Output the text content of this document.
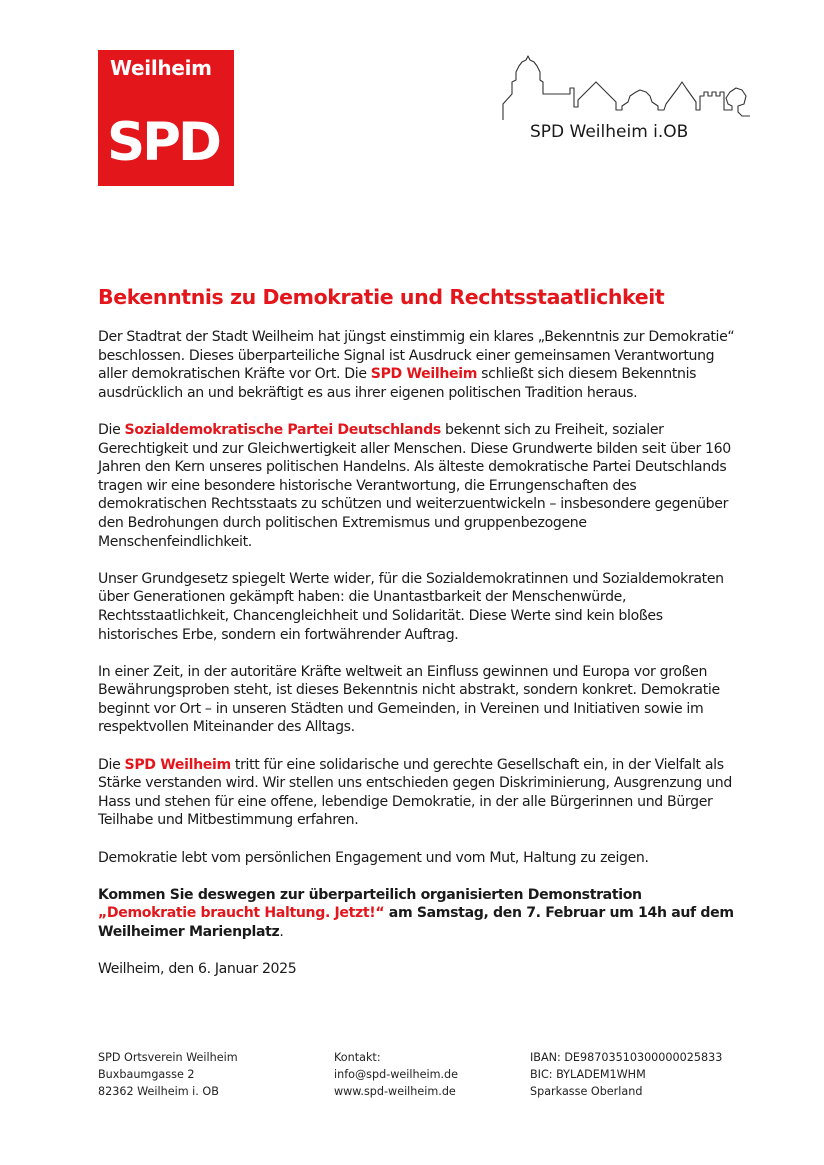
Weilheim
SPD	SPD Weilheim i.OB
Bekenntnis zu Demokratie und Rechtsstaatlichkeit

Der Stadtrat der Stadt Weilheim hat jüngst einstimmig ein klares „Bekenntnis zur Demokratie“ beschlossen. Dieses überparteiliche Signal ist Ausdruck einer gemeinsamen Verantwortung aller demokratischen Kräfte vor Ort. Die SPD Weilheim schließt sich diesem Bekenntnis ausdrücklich an und bekräftigt es aus ihrer eigenen politischen Tradition heraus.

Die Sozialdemokratische Partei Deutschlands bekennt sich zu Freiheit, sozialer Gerechtigkeit und zur Gleichwertigkeit aller Menschen. Diese Grundwerte bilden seit über 160 Jahren den Kern unseres politischen Handelns. Als älteste demokratische Partei Deutschlands tragen wir eine besondere historische Verantwortung, die Errungenschaften des demokratischen Rechtsstaats zu schützen und weiterzuentwickeln – insbesondere gegenüber den Bedrohungen durch politischen Extremismus und gruppenbezogene Menschenfeindlichkeit.

Unser Grundgesetz spiegelt Werte wider, für die Sozialdemokratinnen und Sozialdemokraten über Generationen gekämpft haben: die Unantastbarkeit der Menschenwürde, Rechtsstaatlichkeit, Chancengleichheit und Solidarität. Diese Werte sind kein bloßes historisches Erbe, sondern ein fortwährender Auftrag.

In einer Zeit, in der autoritäre Kräfte weltweit an Einfluss gewinnen und Europa vor großen Bewährungsproben steht, ist dieses Bekenntnis nicht abstrakt, sondern konkret. Demokratie beginnt vor Ort – in unseren Städten und Gemeinden, in Vereinen und Initiativen sowie im respektvollen Miteinander des Alltags.

Die SPD Weilheim tritt für eine solidarische und gerechte Gesellschaft ein, in der Vielfalt als Stärke verstanden wird. Wir stellen uns entschieden gegen Diskriminierung, Ausgrenzung und Hass und stehen für eine offene, lebendige Demokratie, in der alle Bürgerinnen und Bürger Teilhabe und Mitbestimmung erfahren.

Demokratie lebt vom persönlichen Engagement und vom Mut, Haltung zu zeigen.

Kommen Sie deswegen zur überparteilich organisierten Demonstration „Demokratie braucht Haltung. Jetzt!“ am Samstag, den 7. Februar um 14h auf dem Weilheimer Marienplatz.

Weilheim, den 6. Januar 2025

SPD Ortsverein Weilheim
Buxbaumgasse 2
82362 Weilheim i. OB
Kontakt:
info@spd-weilheim.de
www.spd-weilheim.de
IBAN: DE98703510300000025833
BIC: BYLADEM1WHM
Sparkasse Oberland
